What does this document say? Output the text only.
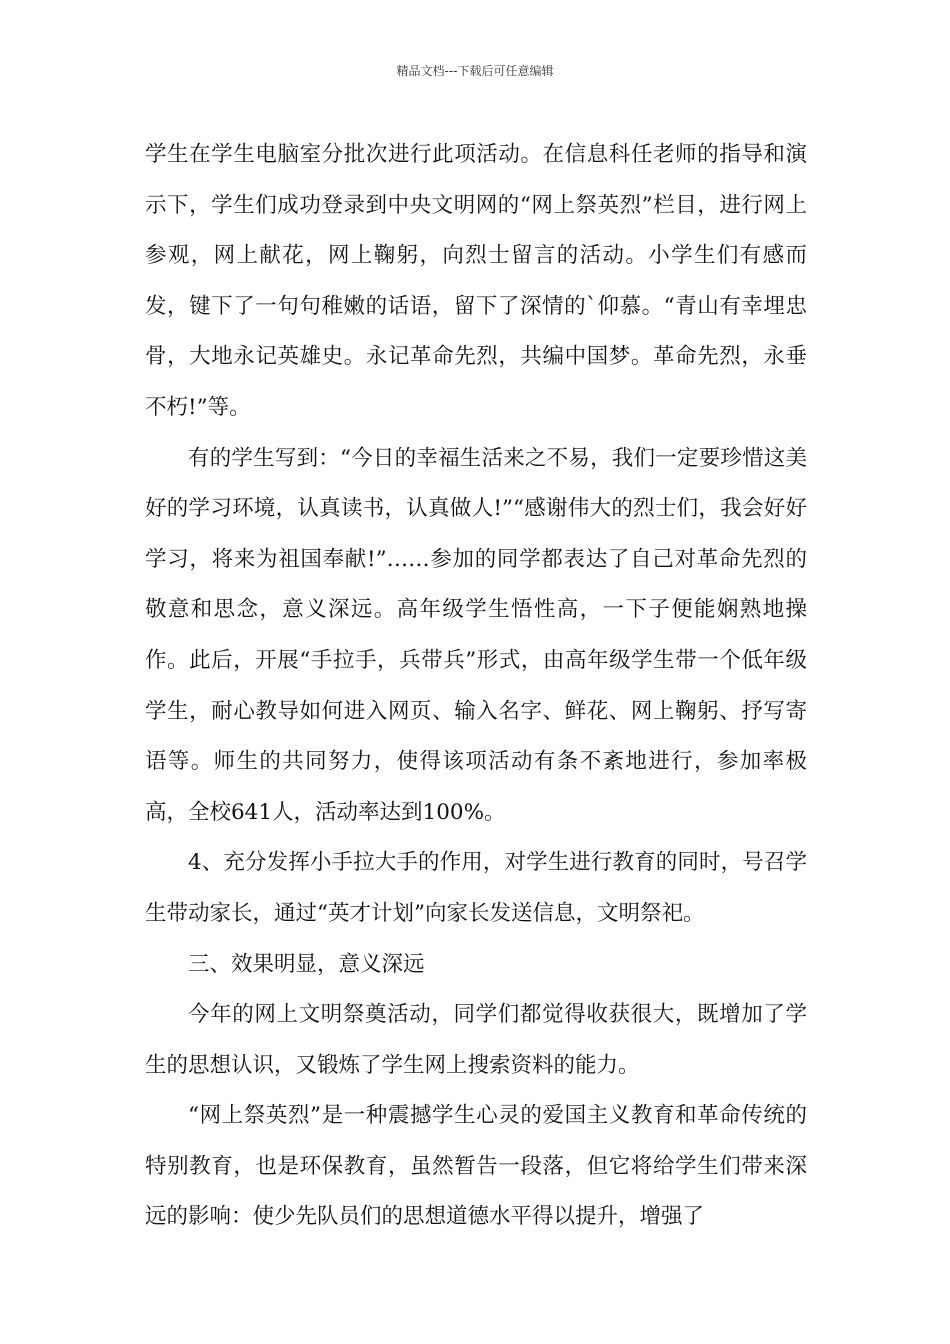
精品文档---下载后可任意编辑

学生在学生电脑室分批次进行此项活动。在信息科任老师的指导和演示下，学生们成功登录到中央文明网的“网上祭英烈”栏目，进行网上参观，网上献花，网上鞠躬，向烈士留言的活动。小学生们有感而发，键下了一句句稚嫩的话语，留下了深情的`仰慕。“青山有幸埋忠骨，大地永记英雄史。永记革命先烈，共编中国梦。革命先烈，永垂不朽!”等。

有的学生写到：“今日的幸福生活来之不易，我们一定要珍惜这美好的学习环境，认真读书，认真做人!”“感谢伟大的烈士们，我会好好学习，将来为祖国奉献!”……参加的同学都表达了自己对革命先烈的敬意和思念，意义深远。高年级学生悟性高，一下子便能娴熟地操作。此后，开展“手拉手，兵带兵”形式，由高年级学生带一个低年级学生，耐心教导如何进入网页、输入名字、鲜花、网上鞠躬、抒写寄语等。师生的共同努力，使得该项活动有条不紊地进行，参加率极高，全校641人，活动率达到100%。

4、充分发挥小手拉大手的作用，对学生进行教育的同时，号召学生带动家长，通过“英才计划”向家长发送信息，文明祭祀。

三、效果明显，意义深远

今年的网上文明祭奠活动，同学们都觉得收获很大，既增加了学生的思想认识，又锻炼了学生网上搜索资料的能力。

“网上祭英烈”是一种震撼学生心灵的爱国主义教育和革命传统的特别教育，也是环保教育，虽然暂告一段落，但它将给学生们带来深远的影响：使少先队员们的思想道德水平得以提升，增强了
